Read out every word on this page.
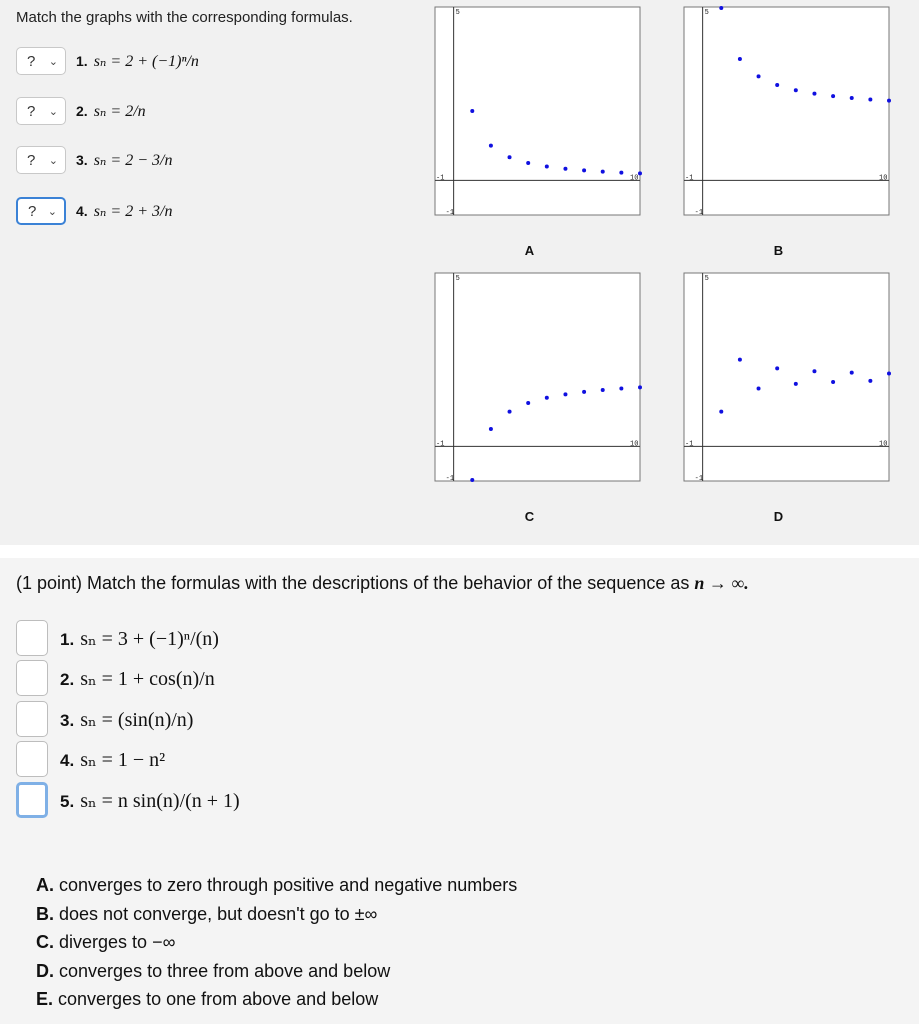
Match the graphs with the corresponding formulas.
? ⌄ 1. sₙ = 2 + (−1)ⁿ/n
? ⌄ 2. sₙ = 2/n
? ⌄ 3. sₙ = 2 − 3/n
? ⌄ 4. sₙ = 2 + 3/n
5
-1	10
-1
A
5
-1	10
-1
B
5
-1	10
-1
C
5
-1	10
-1
D
(1 point) Match the formulas with the descriptions of the behavior of the sequence as n → ∞.
1. sₙ = 3 + (−1)ⁿ/(n)
2. sₙ = 1 + cos(n)/n
3. sₙ = (sin(n)/n)
4. sₙ = 1 − n²
5. sₙ = n sin(n)/(n + 1)
A. converges to zero through positive and negative numbers
B. does not converge, but doesn't go to ±∞
C. diverges to −∞
D. converges to three from above and below
E. converges to one from above and below
